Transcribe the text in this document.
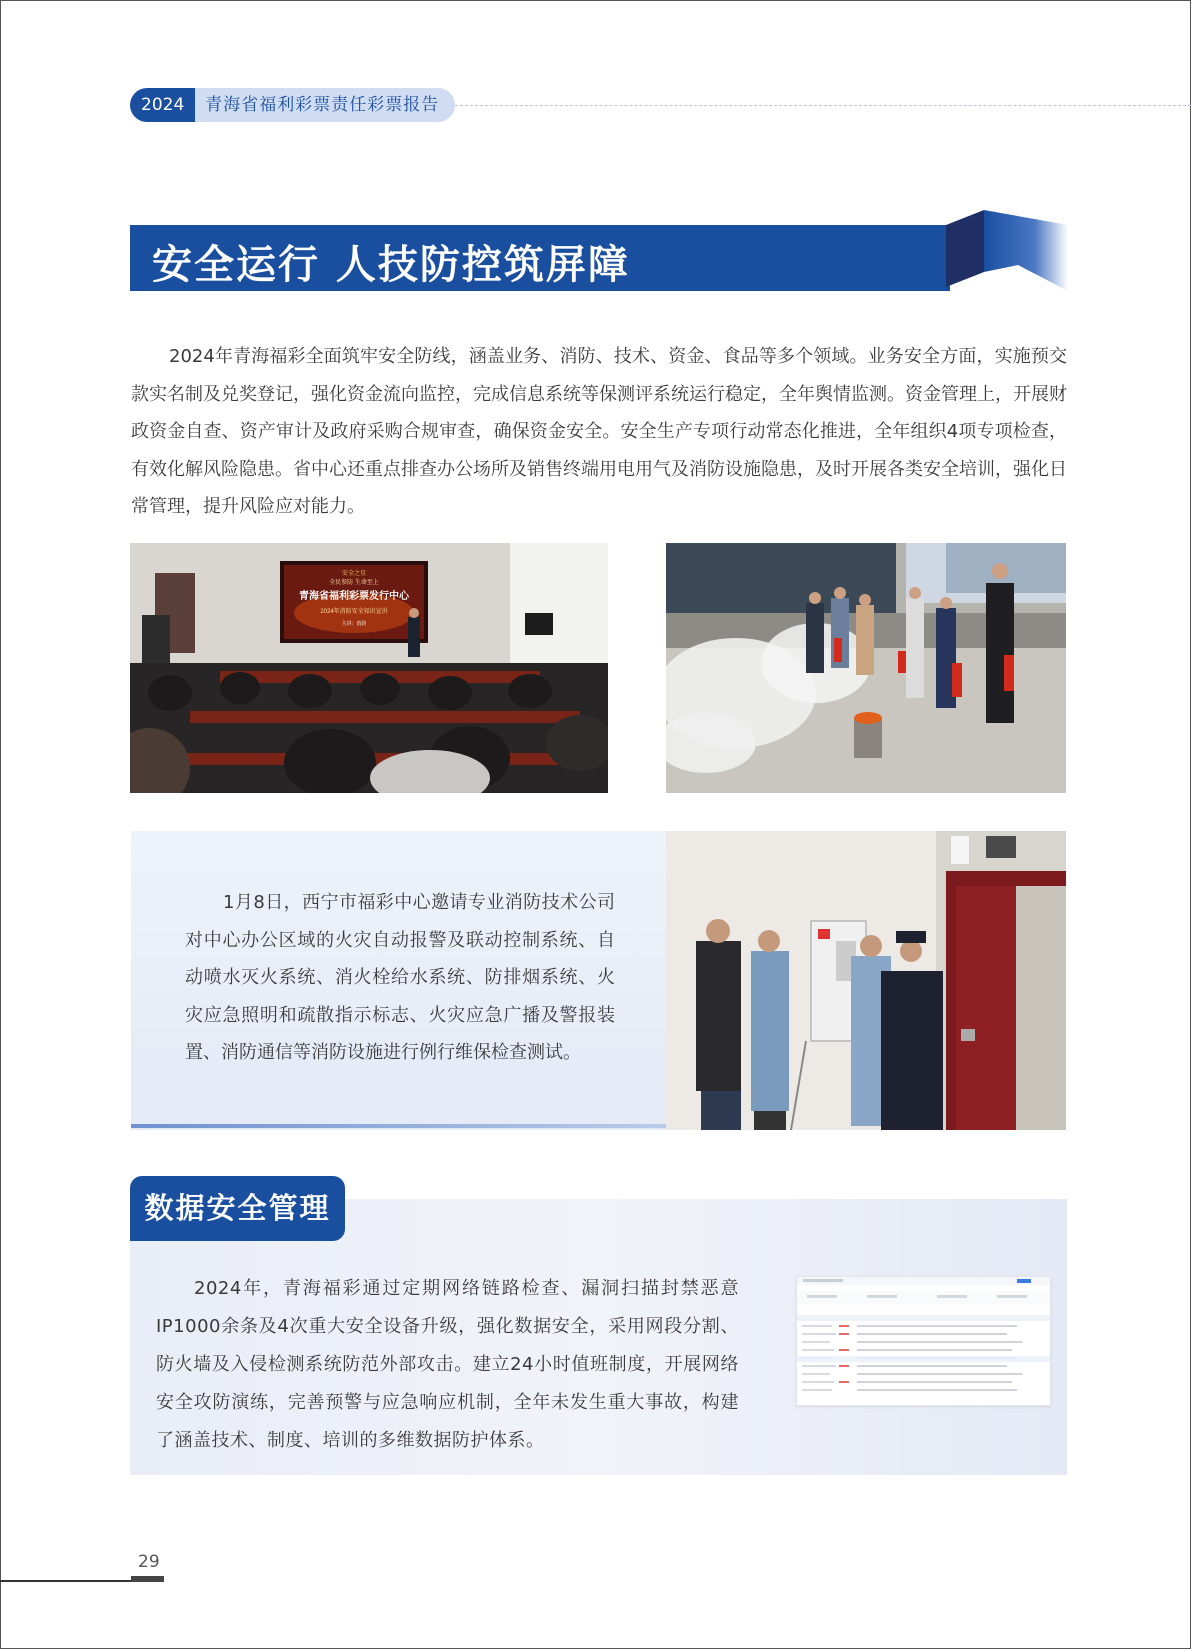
2024	青海省福利彩票责任彩票报告
安全运行 人技防控筑屏障

2024年青海福彩全面筑牢安全防线，涵盖业务、消防、技术、资金、食品等多个领域。业务安全方面，实施预交款实名制及兑奖登记，强化资金流向监控，完成信息系统等保测评系统运行稳定，全年舆情监测。资金管理上，开展财政资金自查、资产审计及政府采购合规审查，确保资金安全。安全生产专项行动常态化推进，全年组织4项专项检查，有效化解风险隐患。省中心还重点排查办公场所及销售终端用电用气及消防设施隐患，及时开展各类安全培训，强化日常管理，提升风险应对能力。

安全之星
全民参防 生命至上
青海省福利彩票发行中心
2024年消防安全知识宣讲
主讲：消防

1月8日，西宁市福彩中心邀请专业消防技术公司对中心办公区域的火灾自动报警及联动控制系统、自动喷水灭火系统、消火栓给水系统、防排烟系统、火灾应急照明和疏散指示标志、火灾应急广播及警报装置、消防通信等消防设施进行例行维保检查测试。

数据安全管理

2024年，青海福彩通过定期网络链路检查、漏洞扫描封禁恶意IP1000余条及4次重大安全设备升级，强化数据安全，采用网段分割、防火墙及入侵检测系统防范外部攻击。建立24小时值班制度，开展网络安全攻防演练，完善预警与应急响应机制，全年未发生重大事故，构建了涵盖技术、制度、培训的多维数据防护体系。

29
